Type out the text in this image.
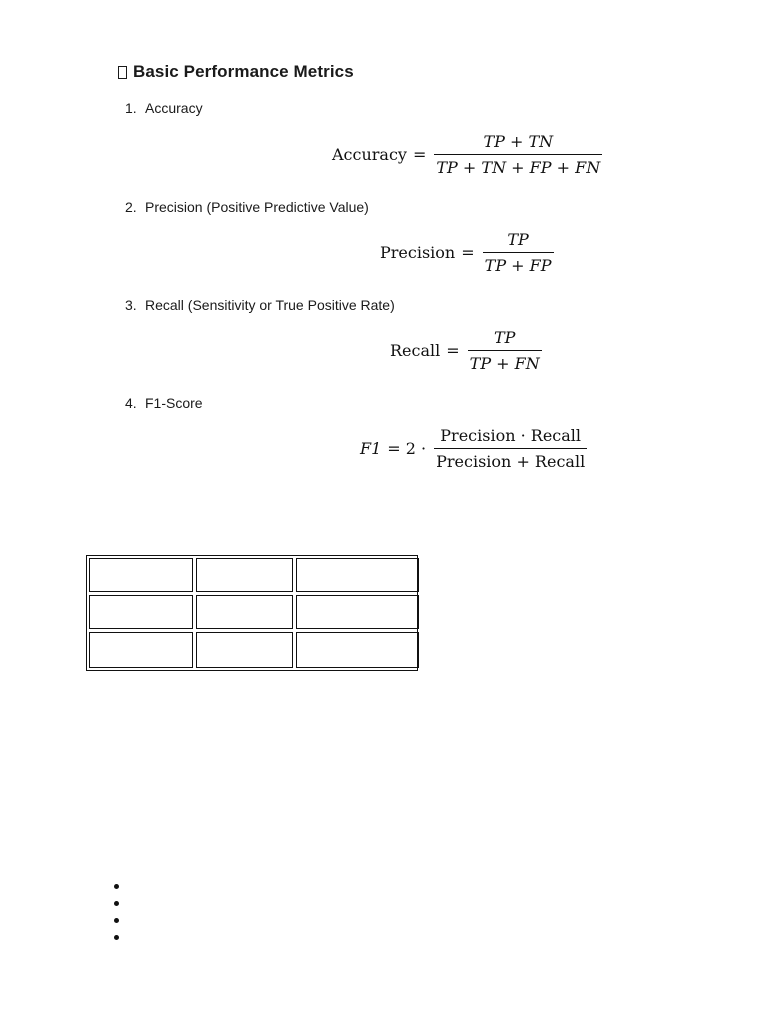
Basic Performance Metrics
1. Accuracy
Accuracy = $\frac{TP + TN}{TP + TN + FP + FN}$
2. Precision (Positive Predictive Value)
Precision = $\frac{TP}{TP + FP}$
3. Recall (Sensitivity or True Positive Rate)
Recall = $\frac{TP}{TP + FN}$
4. F1-Score
$F1 = 2 \cdot \frac{\text{Precision · Recall}}{\text{Precision + Recall}}$
